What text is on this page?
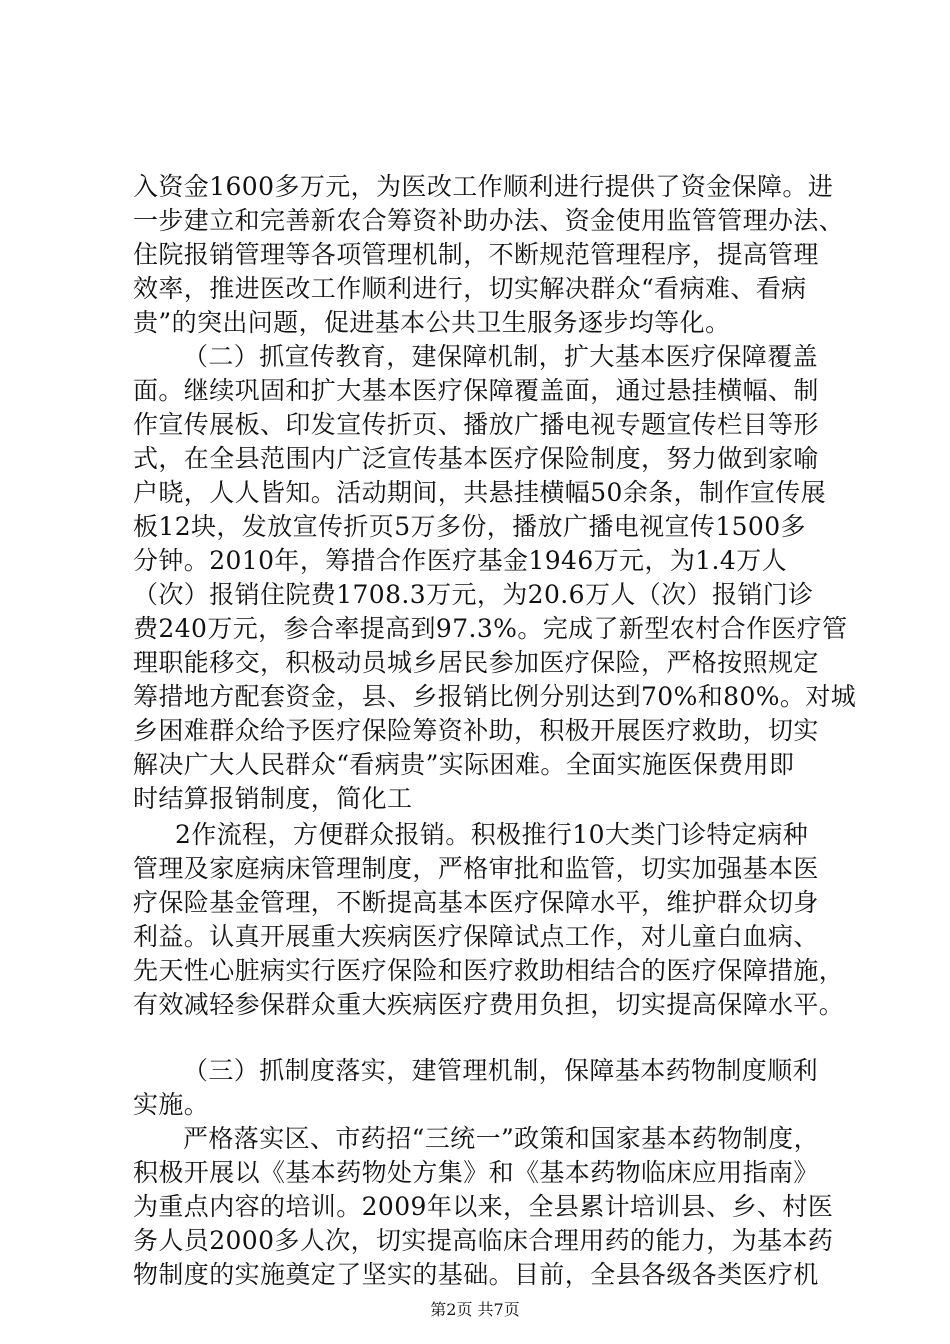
入资金1600多万元，为医改工作顺利进行提供了资金保障。进
一步建立和完善新农合筹资补助办法、资金使用监管管理办法、
住院报销管理等各项管理机制，不断规范管理程序，提高管理
效率，推进医改工作顺利进行，切实解决群众“看病难、看病
贵”的突出问题，促进基本公共卫生服务逐步均等化。
（二）抓宣传教育，建保障机制，扩大基本医疗保障覆盖
面。继续巩固和扩大基本医疗保障覆盖面，通过悬挂横幅、制
作宣传展板、印发宣传折页、播放广播电视专题宣传栏目等形
式，在全县范围内广泛宣传基本医疗保险制度，努力做到家喻
户晓，人人皆知。活动期间，共悬挂横幅50余条，制作宣传展
板12块，发放宣传折页5万多份，播放广播电视宣传1500多
分钟。2010年，筹措合作医疗基金1946万元，为1.4万人
（次）报销住院费1708.3万元，为20.6万人（次）报销门诊
费240万元，参合率提高到97.3%。完成了新型农村合作医疗管
理职能移交，积极动员城乡居民参加医疗保险，严格按照规定
筹措地方配套资金，县、乡报销比例分别达到70%和80%。对城
乡困难群众给予医疗保险筹资补助，积极开展医疗救助，切实
解决广大人民群众“看病贵”实际困难。全面实施医保费用即
时结算报销制度，简化工
2作流程，方便群众报销。积极推行10大类门诊特定病种
管理及家庭病床管理制度，严格审批和监管，切实加强基本医
疗保险基金管理，不断提高基本医疗保障水平，维护群众切身
利益。认真开展重大疾病医疗保障试点工作，对儿童白血病、
先天性心脏病实行医疗保险和医疗救助相结合的医疗保障措施，
有效减轻参保群众重大疾病医疗费用负担，切实提高保障水平。
（三）抓制度落实，建管理机制，保障基本药物制度顺利
实施。
严格落实区、市药招“三统一”政策和国家基本药物制度，
积极开展以《基本药物处方集》和《基本药物临床应用指南》
为重点内容的培训。2009年以来，全县累计培训县、乡、村医
务人员2000多人次，切实提高临床合理用药的能力，为基本药
物制度的实施奠定了坚实的基础。目前，全县各级各类医疗机
第2页 共7页
